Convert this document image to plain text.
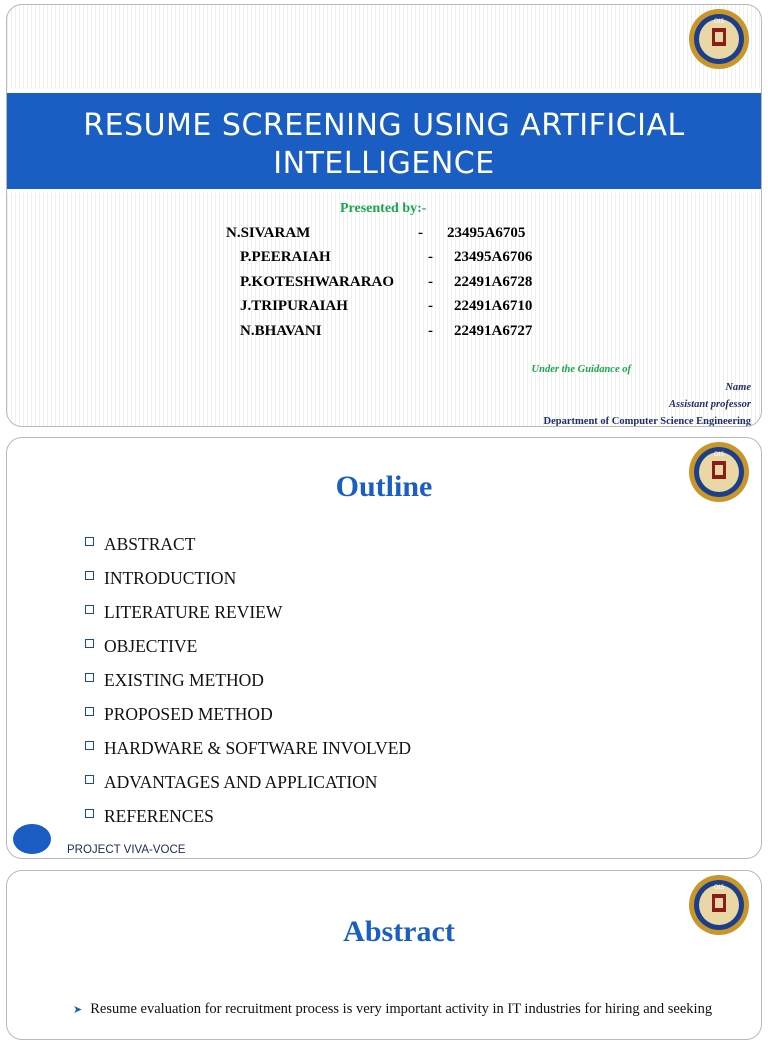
OIS
RESUME SCREENING USING ARTIFICIAL
INTELLIGENCE
Presented by:-
N.SIVARAM	- 23495A6705
P.PEERAIAH	- 23495A6706
P.KOTESHWARARAO - 22491A6728
J.TRIPURAIAH	- 22491A6710
N.BHAVANI	- 22491A6727
Under the Guidance of
Name
Assistant professor
Department of Computer Science Engineering
OIS
Outline
ABSTRACT
INTRODUCTION
LITERATURE REVIEW
OBJECTIVE
EXISTING METHOD
PROPOSED METHOD
HARDWARE & SOFTWARE INVOLVED
ADVANTAGES AND APPLICATION
REFERENCES
PROJECT VIVA-VOCE
OIS
Abstract
➤ Resume evaluation for recruitment process is very important activity in IT industries for hiring and seeking
